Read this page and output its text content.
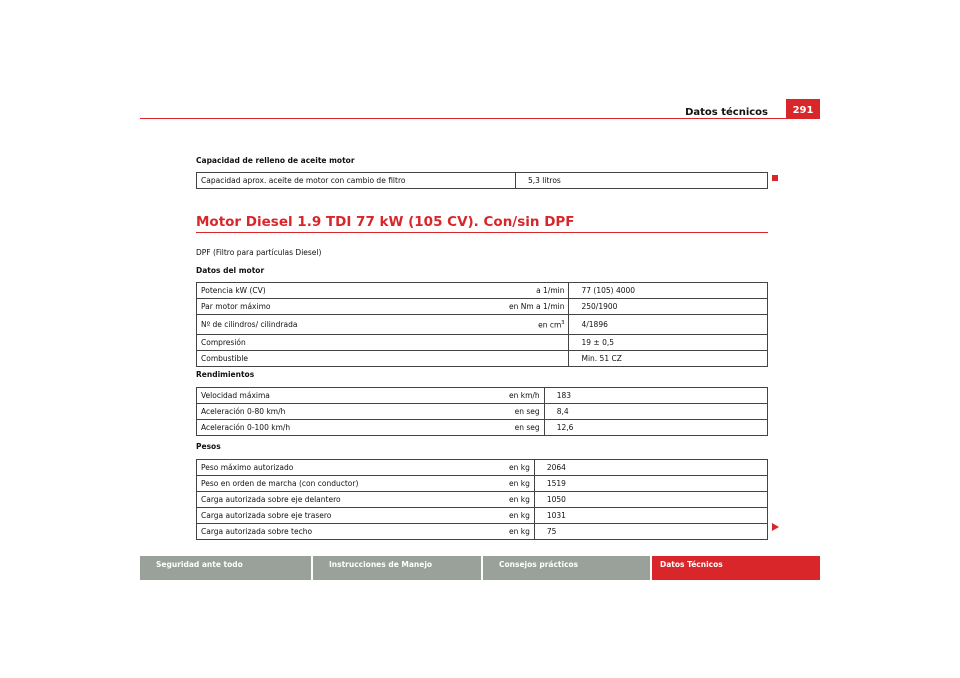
Datos técnicos	291
Capacidad de relleno de aceite motor
Capacidad aprox. aceite de motor con cambio de filtro	5,3 litros
Motor Diesel 1.9 TDI 77 kW (105 CV). Con/sin DPF
DPF (Filtro para partículas Diesel)
Datos del motor
Potencia kW (CV)	a 1/min	77 (105) 4000
Par motor máximo	en Nm a 1/min	250/1900
Nº de cilindros/ cilindrada	en $cm^3$	4/1896
Compresión		19 ± 0,5
Combustible		Min. 51 CZ
Rendimientos
Velocidad máxima	en km/h	183
Aceleración 0-80 km/h	en seg	8,4
Aceleración 0-100 km/h	en seg	12,6
Pesos
Peso máximo autorizado	en kg	2064
Peso en orden de marcha (con conductor)	en kg	1519
Carga autorizada sobre eje delantero	en kg	1050
Carga autorizada sobre eje trasero	en kg	1031
Carga autorizada sobre techo	en kg	75
Seguridad ante todo	Instrucciones de Manejo	Consejos prácticos	Datos Técnicos
